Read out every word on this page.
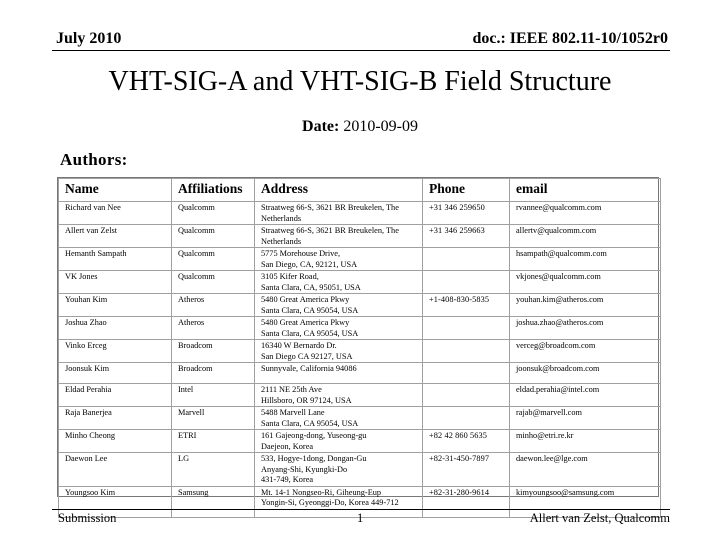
July 2010	doc.: IEEE 802.11-10/1052r0
VHT-SIG-A and VHT-SIG-B Field Structure
Date: 2010-09-09
Authors:
Name	Affiliations	Address	Phone	email
Richard van Nee	Qualcomm	Straatweg 66-S, 3621 BR Breukelen, The Netherlands	+31 346 259650	rvannee@qualcomm.com
Allert van Zelst	Qualcomm	Straatweg 66-S, 3621 BR Breukelen, The Netherlands	+31 346 259663	allertv@qualcomm.com
Hemanth Sampath	Qualcomm	5775 Morehouse Drive,
San Diego, CA, 92121, USA		hsampath@qualcomm.com
VK Jones	Qualcomm	3105 Kifer Road,
Santa Clara, CA, 95051, USA		vkjones@qualcomm.com
Youhan Kim	Atheros	5480 Great America Pkwy
Santa Clara, CA 95054, USA	+1-408-830-5835	youhan.kim@atheros.com
Joshua Zhao	Atheros	5480 Great America Pkwy
Santa Clara, CA 95054, USA		joshua.zhao@atheros.com
Vinko Erceg	Broadcom	16340 W Bernardo Dr.
San Diego CA 92127, USA		verceg@broadcom.com
Joonsuk Kim	Broadcom	Sunnyvale, California 94086		joonsuk@broadcom.com
Eldad Perahia	Intel	2111 NE 25th Ave
Hillsboro, OR 97124, USA		eldad.perahia@intel.com
Raja Banerjea	Marvell	5488 Marvell Lane
Santa Clara, CA 95054, USA		rajab@marvell.com
Minho Cheong	ETRI	161 Gajeong-dong, Yuseong-gu
Daejeon, Korea	+82 42 860 5635	minho@etri.re.kr
Daewon Lee	LG	533, Hogye-1dong, Dongan-Gu
Anyang-Shi, Kyungki-Do
431-749, Korea	+82-31-450-7897	daewon.lee@lge.com
Youngsoo Kim	Samsung	Mt. 14-1 Nongseo-Ri, Giheung-Eup
Yongin-Si, Gyeonggi-Do, Korea 449-712	+82-31-280-9614	kimyoungsoo@samsung.com
Submission	1	Allert van Zelst, Qualcomm
